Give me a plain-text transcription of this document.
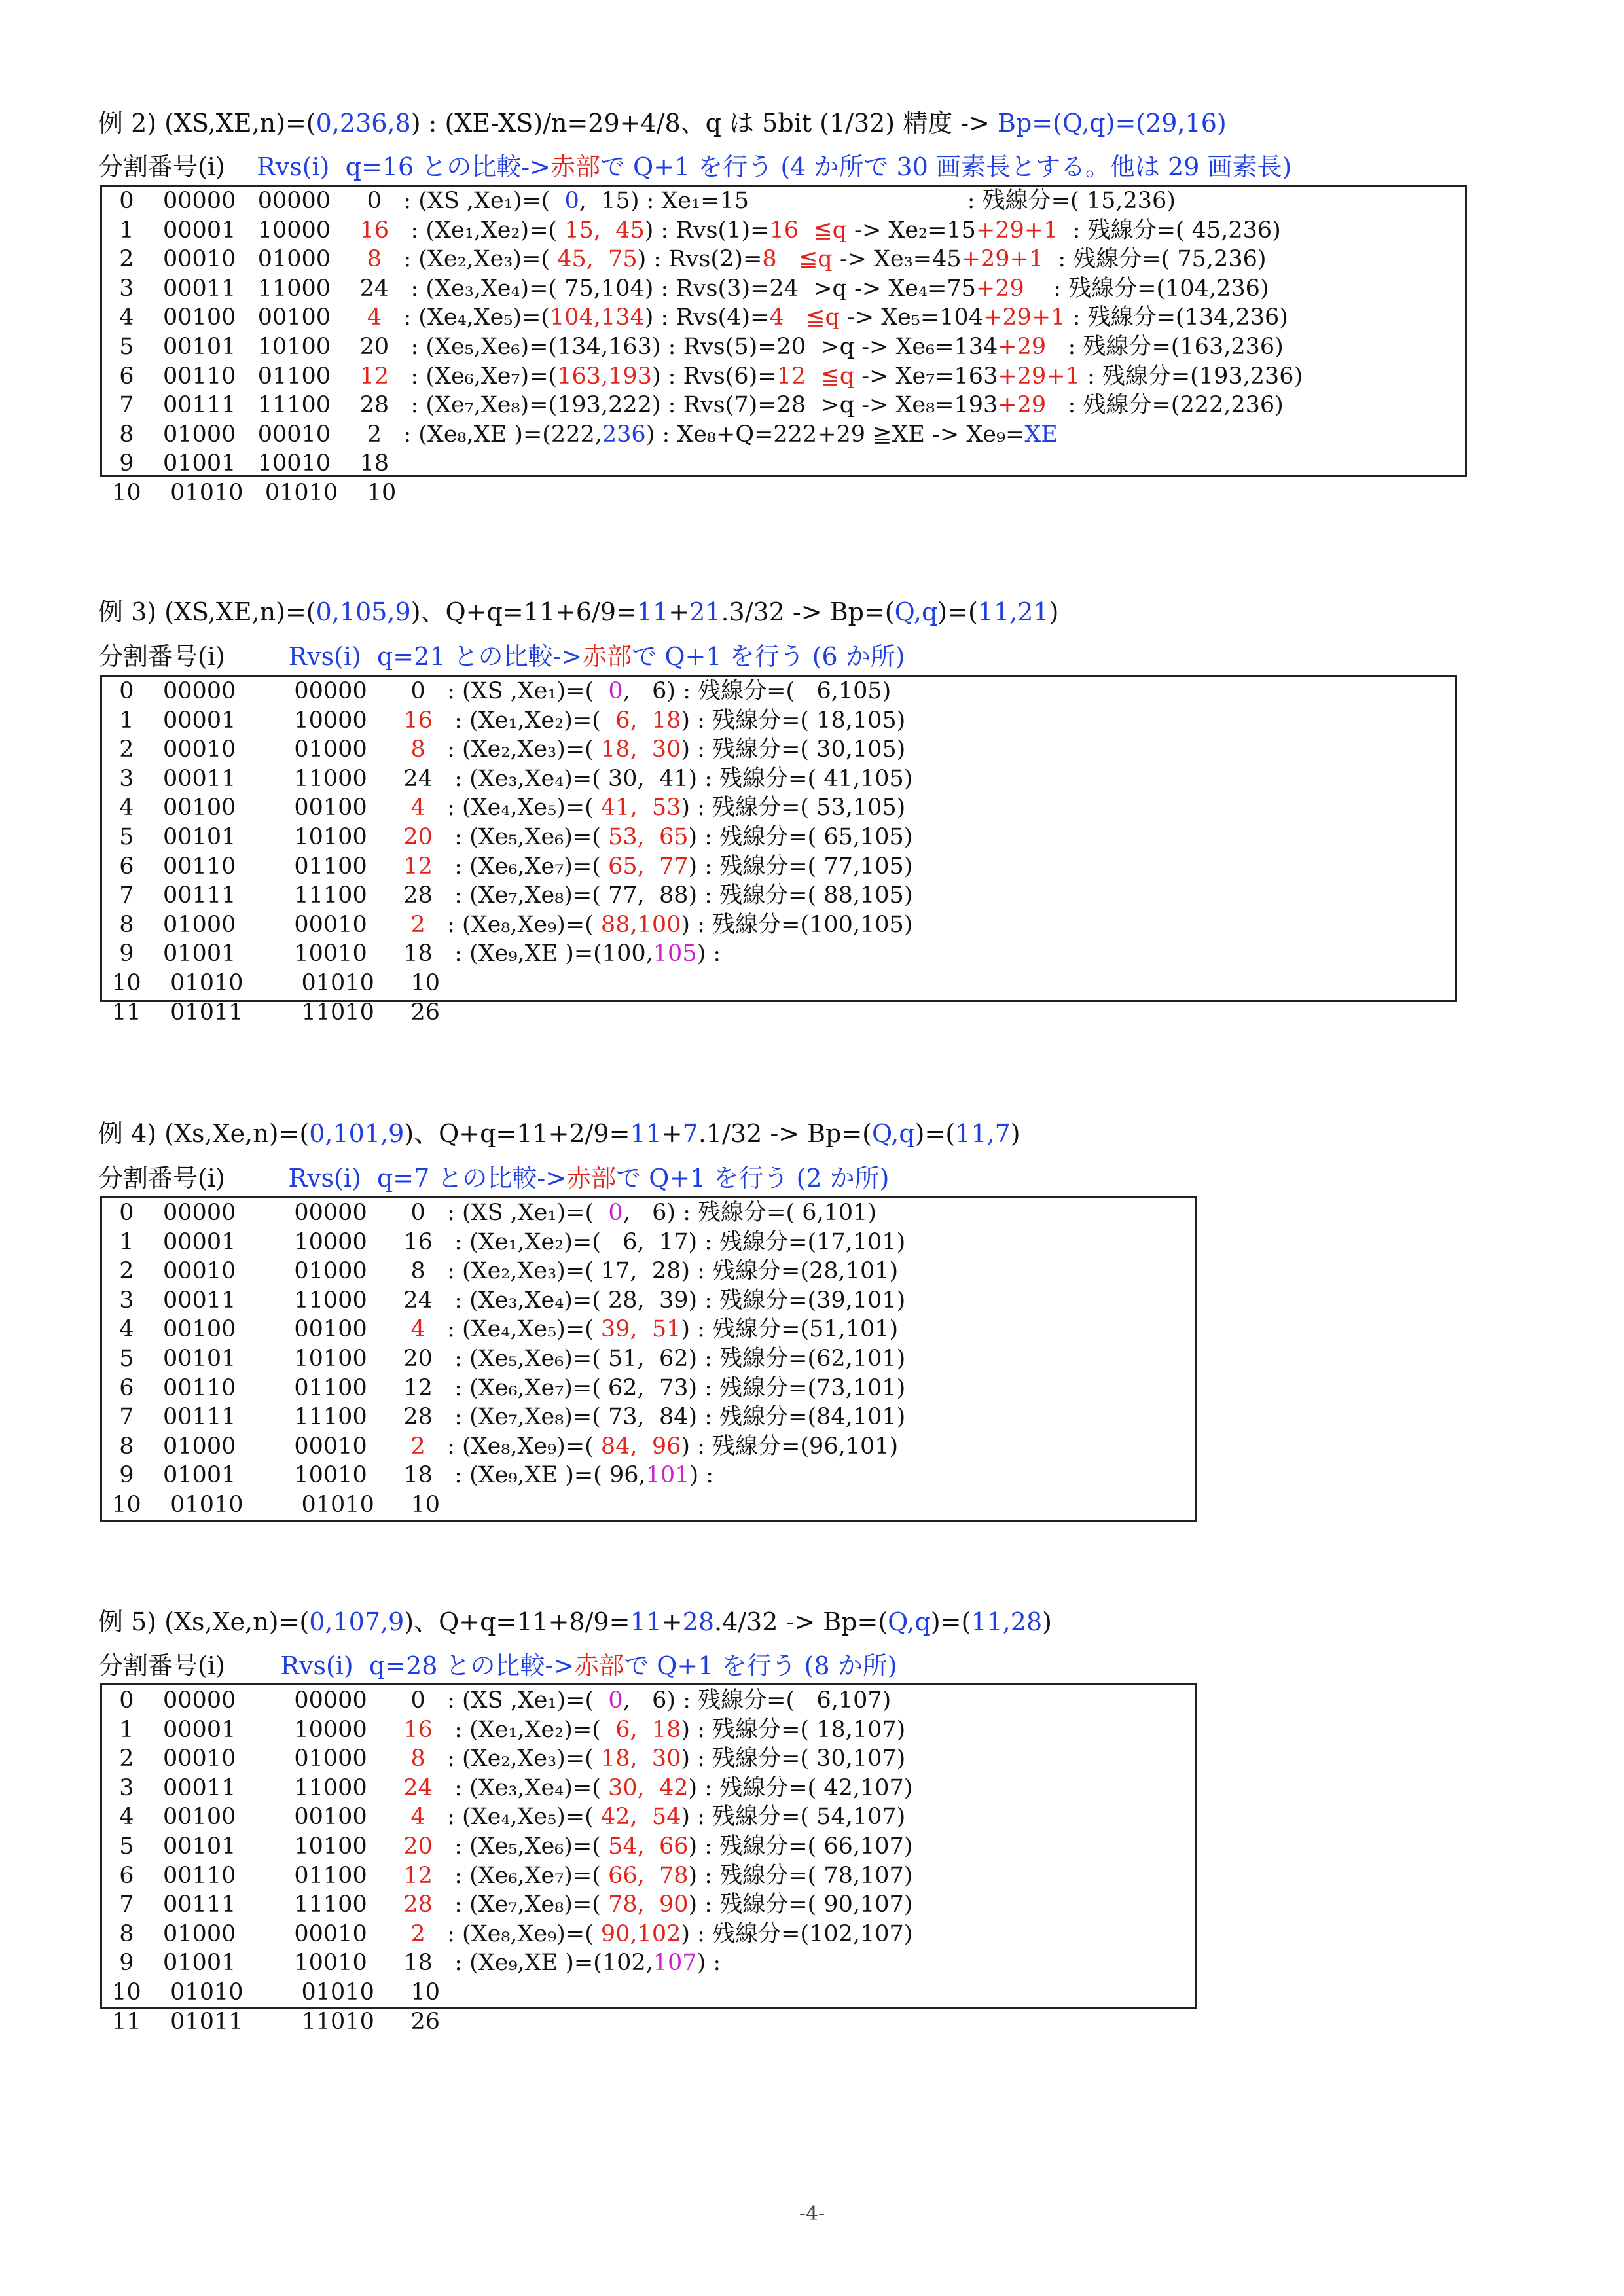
例 2) (XS,XE,n)=(0,236,8) : (XE-XS)/n=29+4/8、q は 5bit (1/32) 精度 -> Bp=(Q,q)=(29,16)
分割番号(i)    Rvs(i)  q=16 との比較->赤部で Q+1 を行う (4 か所で 30 画素長とする。他は 29 画素長)
例 3) (XS,XE,n)=(0,105,9)、Q+q=11+6/9=11+21.3/32 -> Bp=(Q,q)=(11,21)
分割番号(i)        Rvs(i)  q=21 との比較->赤部で Q+1 を行う (6 か所)
例 4) (Xs,Xe,n)=(0,101,9)、Q+q=11+2/9=11+7.1/32 -> Bp=(Q,q)=(11,7)
分割番号(i)        Rvs(i)  q=7 との比較->赤部で Q+1 を行う (2 か所)
例 5) (Xs,Xe,n)=(0,107,9)、Q+q=11+8/9=11+28.4/32 -> Bp=(Q,q)=(11,28)
分割番号(i)       Rvs(i)  q=28 との比較->赤部で Q+1 を行う (8 か所)
-4-
0    00000   00000     0   : (XS ,Xe₁)=(  0,  15) : Xe₁=15                              : 残線分=( 15,236)
1    00001   10000    16   : (Xe₁,Xe₂)=( 15,  45) : Rvs(1)=16  ≦q -> Xe₂=15+29+1  : 残線分=( 45,236)
2    00010   01000     8   : (Xe₂,Xe₃)=( 45,  75) : Rvs(2)=8   ≦q -> Xe₃=45+29+1  : 残線分=( 75,236)
3    00011   11000    24   : (Xe₃,Xe₄)=( 75,104) : Rvs(3)=24  >q -> Xe₄=75+29    : 残線分=(104,236)
4    00100   00100     4   : (Xe₄,Xe₅)=(104,134) : Rvs(4)=4   ≦q -> Xe₅=104+29+1 : 残線分=(134,236)
5    00101   10100    20   : (Xe₅,Xe₆)=(134,163) : Rvs(5)=20  >q -> Xe₆=134+29   : 残線分=(163,236)
6    00110   01100    12   : (Xe₆,Xe₇)=(163,193) : Rvs(6)=12  ≦q -> Xe₇=163+29+1 : 残線分=(193,236)
7    00111   11100    28   : (Xe₇,Xe₈)=(193,222) : Rvs(7)=28  >q -> Xe₈=193+29   : 残線分=(222,236)
8    01000   00010     2   : (Xe₈,XE )=(222,236) : Xe₈+Q=222+29 ≧XE -> Xe₉=XE
9    01001   10010    18
10    01010   01010    10
0    00000        00000      0   : (XS ,Xe₁)=(  0,   6) : 残線分=(   6,105)
1    00001        10000     16   : (Xe₁,Xe₂)=(  6,  18) : 残線分=( 18,105)
2    00010        01000      8   : (Xe₂,Xe₃)=( 18,  30) : 残線分=( 30,105)
3    00011        11000     24   : (Xe₃,Xe₄)=( 30,  41) : 残線分=( 41,105)
4    00100        00100      4   : (Xe₄,Xe₅)=( 41,  53) : 残線分=( 53,105)
5    00101        10100     20   : (Xe₅,Xe₆)=( 53,  65) : 残線分=( 65,105)
6    00110        01100     12   : (Xe₆,Xe₇)=( 65,  77) : 残線分=( 77,105)
7    00111        11100     28   : (Xe₇,Xe₈)=( 77,  88) : 残線分=( 88,105)
8    01000        00010      2   : (Xe₈,Xe₉)=( 88,100) : 残線分=(100,105)
9    01001        10010     18   : (Xe₉,XE )=(100,105) :
10    01010        01010     10
11    01011        11010     26
0    00000        00000      0   : (XS ,Xe₁)=(  0,   6) : 残線分=( 6,101)
1    00001        10000     16   : (Xe₁,Xe₂)=(   6,  17) : 残線分=(17,101)
2    00010        01000      8   : (Xe₂,Xe₃)=( 17,  28) : 残線分=(28,101)
3    00011        11000     24   : (Xe₃,Xe₄)=( 28,  39) : 残線分=(39,101)
4    00100        00100      4   : (Xe₄,Xe₅)=( 39,  51) : 残線分=(51,101)
5    00101        10100     20   : (Xe₅,Xe₆)=( 51,  62) : 残線分=(62,101)
6    00110        01100     12   : (Xe₆,Xe₇)=( 62,  73) : 残線分=(73,101)
7    00111        11100     28   : (Xe₇,Xe₈)=( 73,  84) : 残線分=(84,101)
8    01000        00010      2   : (Xe₈,Xe₉)=( 84,  96) : 残線分=(96,101)
9    01001        10010     18   : (Xe₉,XE )=( 96,101) :
10    01010        01010     10
0    00000        00000      0   : (XS ,Xe₁)=(  0,   6) : 残線分=(   6,107)
1    00001        10000     16   : (Xe₁,Xe₂)=(  6,  18) : 残線分=( 18,107)
2    00010        01000      8   : (Xe₂,Xe₃)=( 18,  30) : 残線分=( 30,107)
3    00011        11000     24   : (Xe₃,Xe₄)=( 30,  42) : 残線分=( 42,107)
4    00100        00100      4   : (Xe₄,Xe₅)=( 42,  54) : 残線分=( 54,107)
5    00101        10100     20   : (Xe₅,Xe₆)=( 54,  66) : 残線分=( 66,107)
6    00110        01100     12   : (Xe₆,Xe₇)=( 66,  78) : 残線分=( 78,107)
7    00111        11100     28   : (Xe₇,Xe₈)=( 78,  90) : 残線分=( 90,107)
8    01000        00010      2   : (Xe₈,Xe₉)=( 90,102) : 残線分=(102,107)
9    01001        10010     18   : (Xe₉,XE )=(102,107) :
10    01010        01010     10
11    01011        11010     26
